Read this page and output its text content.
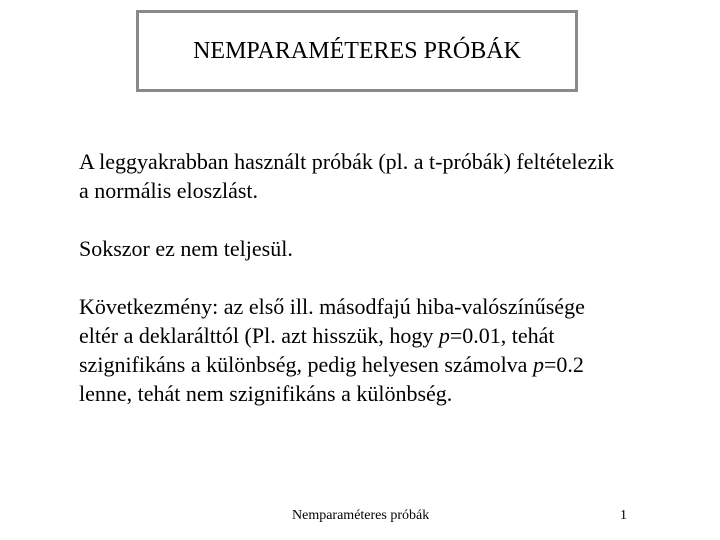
NEMPARAMÉTERES PRÓBÁK

A leggyakrabban használt próbák (pl. a t-próbák) feltételezik
a normális eloszlást.

Sokszor ez nem teljesül.

Következmény: az első ill. másodfajú hiba-valószínűsége
eltér a deklarálttól (Pl. azt hisszük, hogy p=0.01, tehát
szignifikáns a különbség, pedig helyesen számolva p=0.2
lenne, tehát nem szignifikáns a különbség.

Nemparaméteres próbák	1
